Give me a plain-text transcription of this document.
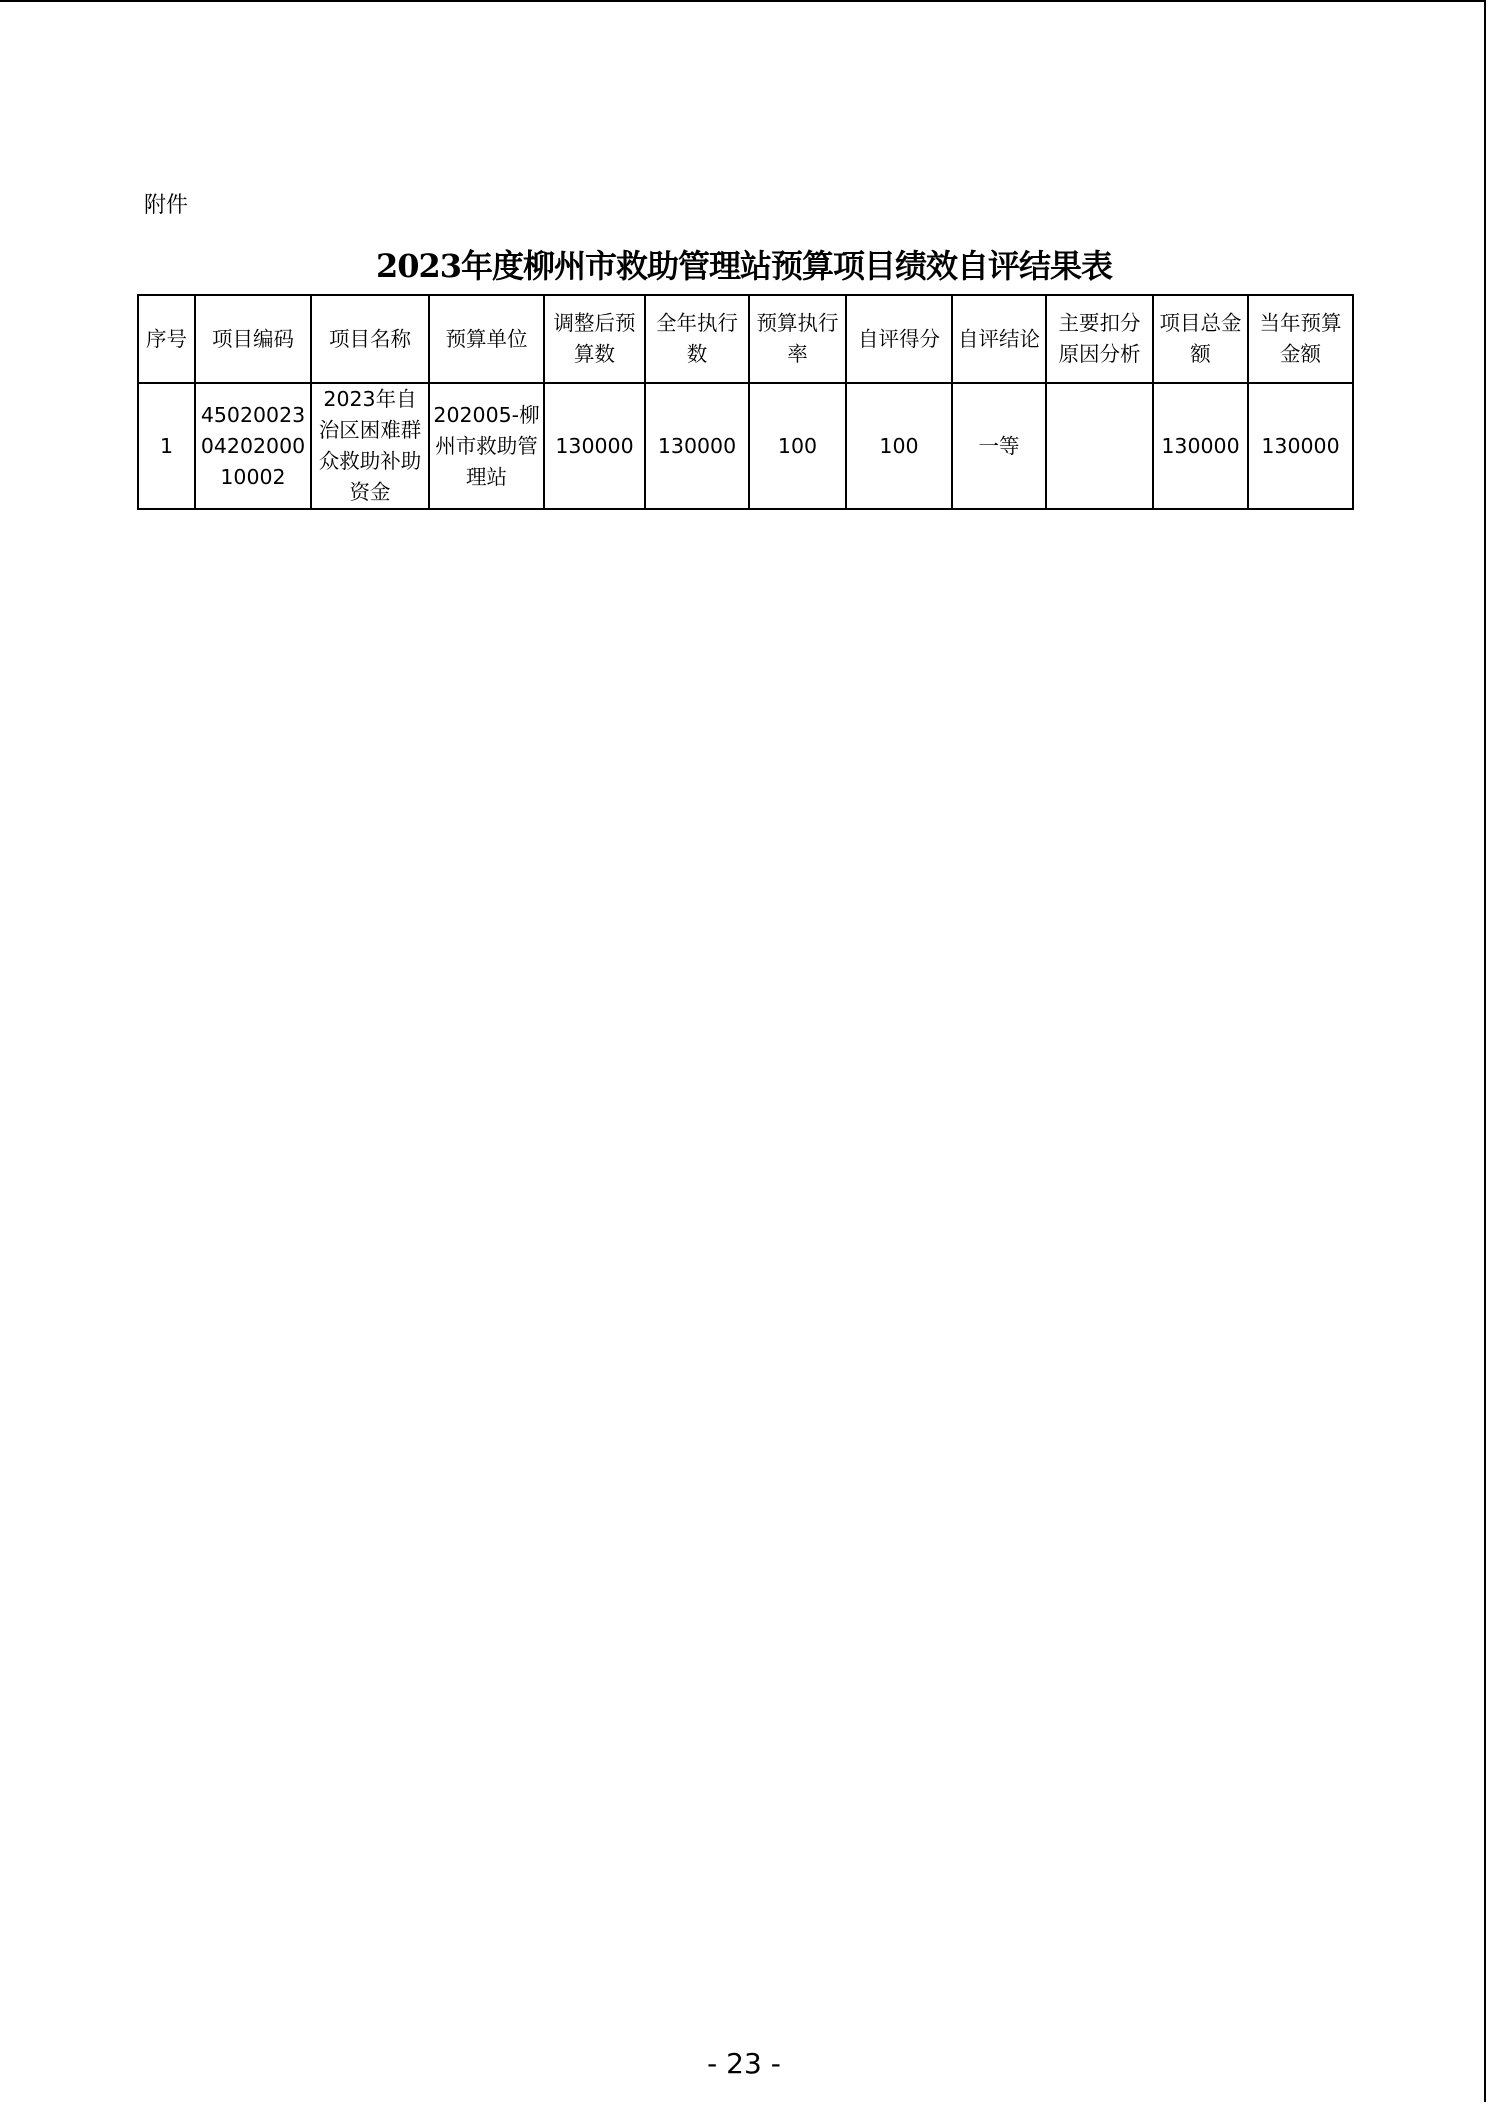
附件
2023年度柳州市救助管理站预算项目绩效自评结果表
序号	项目编码	项目名称	预算单位	调整后预算数	全年执行数	预算执行率	自评得分	自评结论	主要扣分原因分析	项目总金额	当年预算金额
1	450200230420200010002	2023年自治区困难群众救助补助资金	202005-柳州市救助管理站	130000	130000	100	100	一等		130000	130000
- 23 -
